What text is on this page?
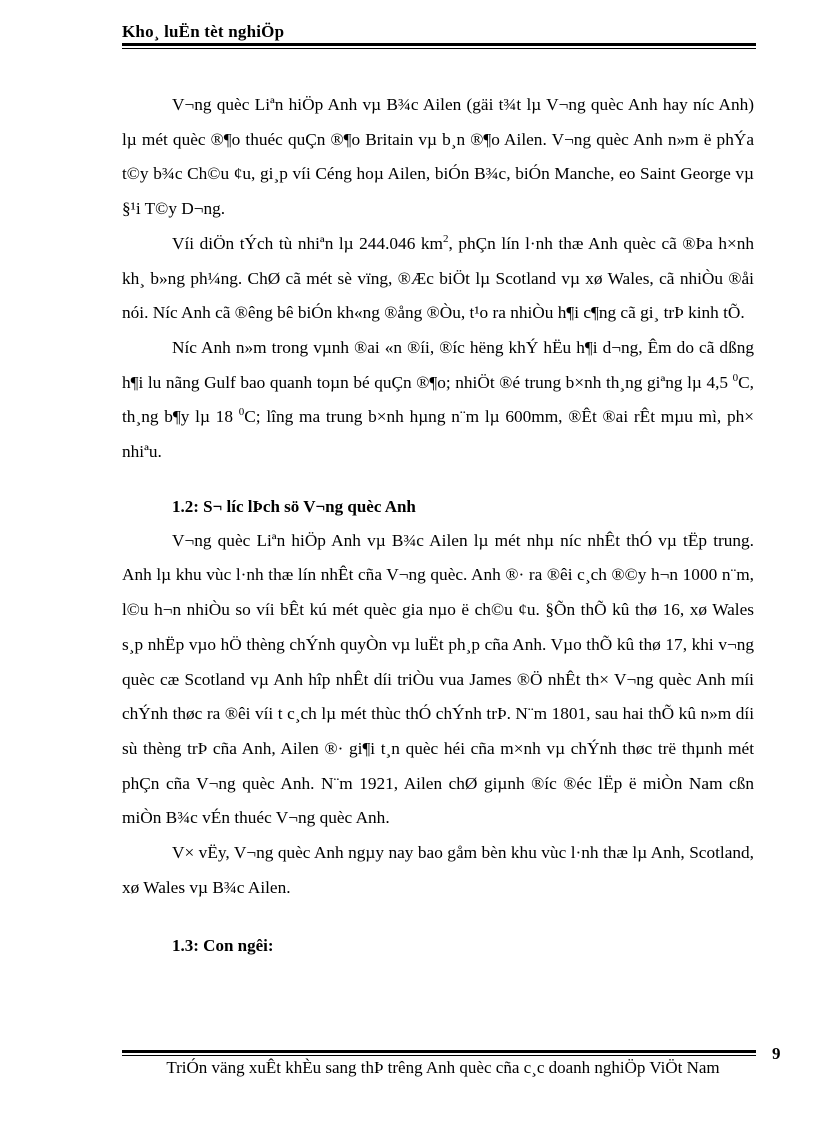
Kho¸ luËn tèt nghiÖp

V¬ng quèc Liªn hiÖp Anh vµ B¾c Ailen (gäi t¾t lµ V¬ng quèc Anh hay níc Anh) lµ mét quèc ®¶o thuéc quÇn ®¶o Britain vµ b¸n ®¶o Ailen. V¬ng quèc Anh n»m ë phÝa t©y b¾c Ch©u ¢u, gi¸p víi Céng hoµ Ailen, biÓn B¾c, biÓn Manche, eo Saint George vµ §¹i T©y D¬ng.

Víi diÖn tÝch tù nhiªn lµ 244.046 $km^2$, phÇn lín l·nh thæ Anh quèc cã ®Þa h×nh kh¸ b»ng ph¼ng. ChØ cã mét sè vïng, ®Æc biÖt lµ Scotland vµ xø Wales, cã nhiÒu ®åi nói. Níc Anh cã ®êng bê biÓn kh«ng ®ång ®Òu, t¹o ra nhiÒu h¶i c¶ng cã gi¸ trÞ kinh tÕ.

Níc Anh n»m trong vµnh ®ai «n ®íi, ®íc hëng khÝ hËu h¶i d¬ng, Êm do cã dßng h¶i lu nãng Gulf bao quanh toµn bé quÇn ®¶o; nhiÖt ®é trung b×nh th¸ng giªng lµ 4,5 $^0$C, th¸ng b¶y lµ 18 $^0$C; lîng ma trung b×nh hµng n¨m lµ 600mm, ®Êt ®ai rÊt mµu mì, ph× nhiªu.

1.2: S¬ líc lÞch sö V¬ng quèc Anh

V¬ng quèc Liªn hiÖp Anh vµ B¾c Ailen lµ mét nhµ níc nhÊt thÓ vµ tËp trung. Anh lµ khu vùc l·nh thæ lín nhÊt cña V¬ng quèc. Anh ®· ra ®êi c¸ch ®©y h¬n 1000 n¨m, l©u h¬n nhiÒu so víi bÊt kú mét quèc gia nµo ë ch©u ¢u. §Õn thÕ kû thø 16, xø Wales s¸p nhËp vµo hÖ thèng chÝnh quyÒn vµ luËt ph¸p cña Anh. Vµo thÕ kû thø 17, khi v¬ng quèc cæ Scotland vµ Anh hîp nhÊt díi triÒu vua James ®Ö nhÊt th× V¬ng quèc Anh míi chÝnh thøc ra ®êi víi t c¸ch lµ mét thùc thÓ chÝnh trÞ. N¨m 1801, sau hai thÕ kû n»m díi sù thèng trÞ cña Anh, Ailen ®· gi¶i t¸n quèc héi cña m×nh vµ chÝnh thøc trë thµnh mét phÇn cña V¬ng quèc Anh. N¨m 1921, Ailen chØ giµnh ®íc ®éc lËp ë miÒn Nam cßn miÒn B¾c vÉn thuéc V¬ng quèc Anh.

V× vËy, V¬ng quèc Anh ngµy nay bao gåm bèn khu vùc l·nh thæ lµ Anh, Scotland, xø Wales vµ B¾c Ailen.

1.3: Con ngêi:
TriÓn väng xuÊt khÈu sang thÞ trêng Anh quèc cña c¸c doanh nghiÖp ViÖt Nam
9
